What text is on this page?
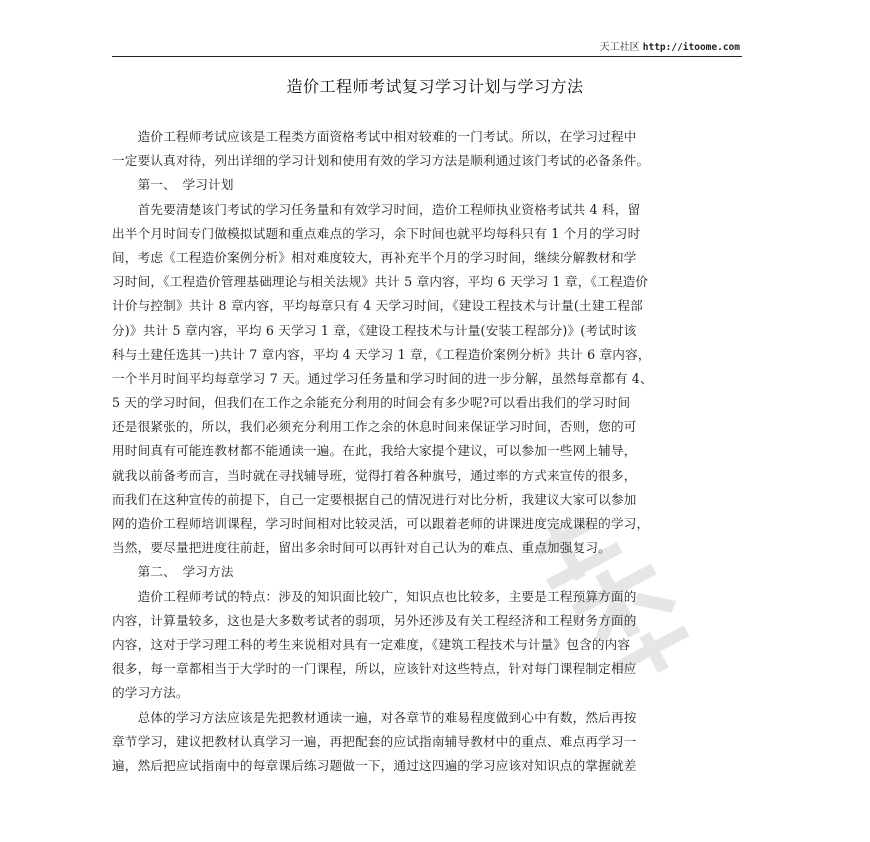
天工社区 http://itoome.com
造价工程师考试复习学习计划与学习方法
　　造价工程师考试应该是工程类方面资格考试中相对较难的一门考试。所以，在学习过程中
一定要认真对待，列出详细的学习计划和使用有效的学习方法是顺利通过该门考试的必备条件。
　　第一、　学习计划
　　首先要清楚该门考试的学习任务量和有效学习时间，造价工程师执业资格考试共 4 科，留
出半个月时间专门做模拟试题和重点难点的学习，余下时间也就平均每科只有 1 个月的学习时
间，考虑《工程造价案例分析》相对难度较大，再补充半个月的学习时间，继续分解教材和学
习时间，《工程造价管理基础理论与相关法规》共计 5 章内容，平均 6 天学习 1 章，《工程造价
计价与控制》共计 8 章内容，平均每章只有 4 天学习时间，《建设工程技术与计量(土建工程部
分)》共计 5 章内容，平均 6 天学习 1 章，《建设工程技术与计量(安装工程部分)》(考试时该
科与土建任选其一)共计 7 章内容，平均 4 天学习 1 章，《工程造价案例分析》共计 6 章内容，
一个半月时间平均每章学习 7 天。通过学习任务量和学习时间的进一步分解，虽然每章都有 4、
5 天的学习时间，但我们在工作之余能充分利用的时间会有多少呢?可以看出我们的学习时间
还是很紧张的，所以，我们必须充分利用工作之余的休息时间来保证学习时间，否则，您的可
用时间真有可能连教材都不能通读一遍。在此，我给大家提个建议，可以参加一些网上辅导，
就我以前备考而言，当时就在寻找辅导班，觉得打着各种旗号，通过率的方式来宣传的很多，
而我们在这种宣传的前提下，自己一定要根据自己的情况进行对比分析，我建议大家可以参加
网的造价工程师培训课程，学习时间相对比较灵活，可以跟着老师的讲课进度完成课程的学习，
当然，要尽量把进度往前赶，留出多余时间可以再针对自己认为的难点、重点加强复习。
　　第二、　学习方法
　　造价工程师考试的特点：涉及的知识面比较广，知识点也比较多，主要是工程预算方面的
内容，计算量较多，这也是大多数考试者的弱项，另外还涉及有关工程经济和工程财务方面的
内容，这对于学习理工科的考生来说相对具有一定难度，《建筑工程技术与计量》包含的内容
很多，每一章都相当于大学时的一门课程，所以，应该针对这些特点，针对每门课程制定相应
的学习方法。
　　总体的学习方法应该是先把教材通读一遍，对各章节的难易程度做到心中有数，然后再按
章节学习，建议把教材认真学习一遍，再把配套的应试指南辅导教材中的重点、难点再学习一
遍，然后把应试指南中的每章课后练习题做一下，通过这四遍的学习应该对知识点的掌握就差
